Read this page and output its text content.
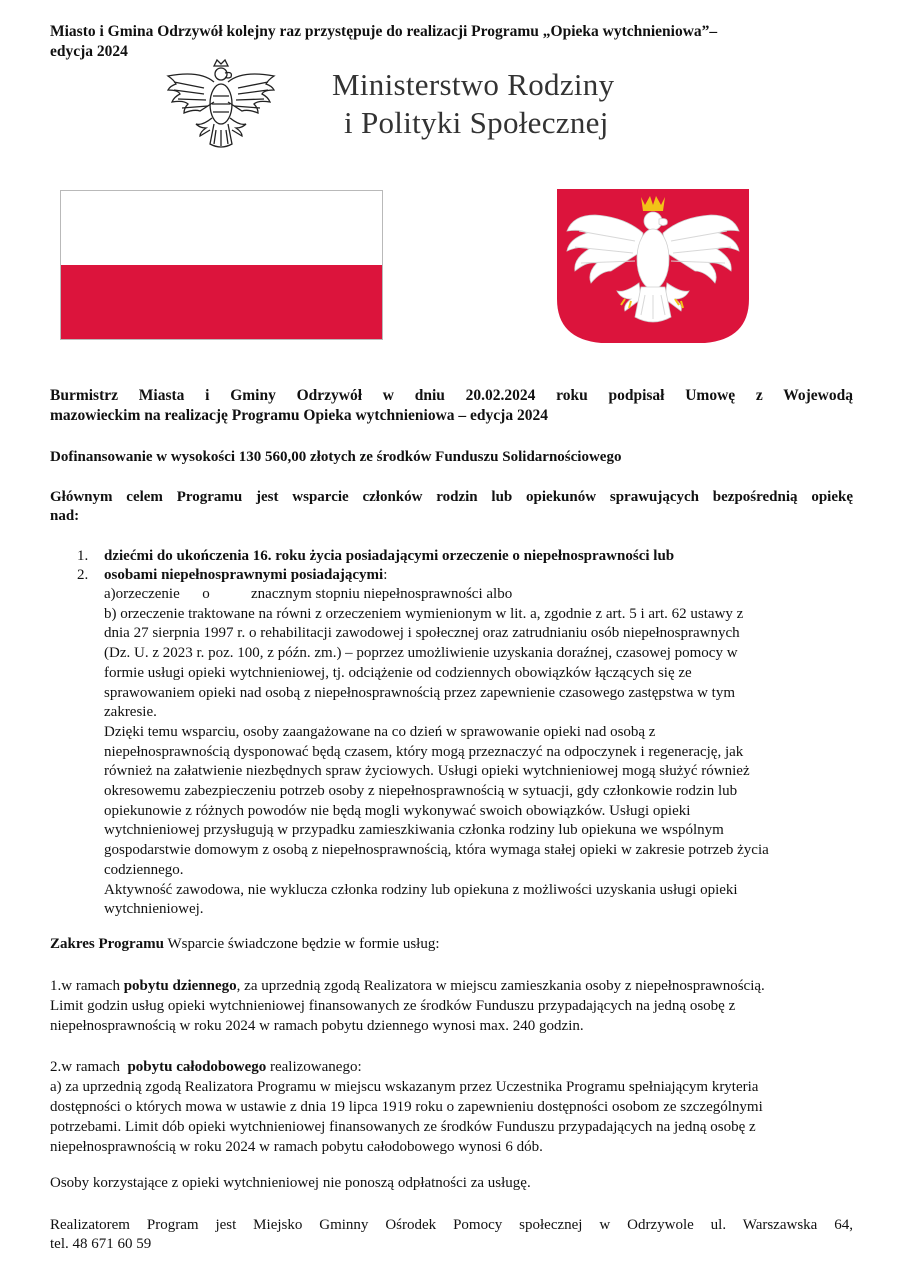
Miasto i Gmina Odrzywół kolejny raz przystępuje do realizacji Programu „Opieka wytchnieniowa”–
edycja 2024
Ministerstwo Rodziny
i Polityki Społecznej
Burmistrz Miasta i Gminy Odrzywół w dniu 20.02.2024 roku podpisał Umowę z Wojewodą
mazowieckim na realizację Programu Opieka wytchnieniowa – edycja 2024
Dofinansowanie w wysokości 130 560,00 złotych ze środków Funduszu Solidarnościowego
Głównym celem Programu jest wsparcie członków rodzin lub opiekunów sprawujących bezpośrednią opiekę
nad:
1. dziećmi do ukończenia 16. roku życia posiadającymi orzeczenie o niepełnosprawności lub
2. osobami niepełnosprawnymi posiadającymi:
a)orzeczenie      o           znacznym stopniu niepełnosprawności albo
b) orzeczenie traktowane na równi z orzeczeniem wymienionym w lit. a, zgodnie z art. 5 i art. 62 ustawy z
dnia 27 sierpnia 1997 r. o rehabilitacji zawodowej i społecznej oraz zatrudnianiu osób niepełnosprawnych
(Dz. U. z 2023 r. poz. 100, z późn. zm.) – poprzez umożliwienie uzyskania doraźnej, czasowej pomocy w
formie usługi opieki wytchnieniowej, tj. odciążenie od codziennych obowiązków łączących się ze
sprawowaniem opieki nad osobą z niepełnosprawnością przez zapewnienie czasowego zastępstwa w tym
zakresie.
Dzięki temu wsparciu, osoby zaangażowane na co dzień w sprawowanie opieki nad osobą z
niepełnosprawnością dysponować będą czasem, który mogą przeznaczyć na odpoczynek i regenerację, jak
również na załatwienie niezbędnych spraw życiowych. Usługi opieki wytchnieniowej mogą służyć również
okresowemu zabezpieczeniu potrzeb osoby z niepełnosprawnością w sytuacji, gdy członkowie rodzin lub
opiekunowie z różnych powodów nie będą mogli wykonywać swoich obowiązków. Usługi opieki
wytchnieniowej przysługują w przypadku zamieszkiwania członka rodziny lub opiekuna we wspólnym
gospodarstwie domowym z osobą z niepełnosprawnością, która wymaga stałej opieki w zakresie potrzeb życia
codziennego.
Aktywność zawodowa, nie wyklucza członka rodziny lub opiekuna z możliwości uzyskania usługi opieki
wytchnieniowej.
Zakres Programu Wsparcie świadczone będzie w formie usług:
1.w ramach pobytu dziennego, za uprzednią zgodą Realizatora w miejscu zamieszkania osoby z niepełnosprawnością.
Limit godzin usług opieki wytchnieniowej finansowanych ze środków Funduszu przypadających na jedną osobę z
niepełnosprawnością w roku 2024 w ramach pobytu dziennego wynosi max. 240 godzin.
2.w ramach  pobytu całodobowego realizowanego:
a) za uprzednią zgodą Realizatora Programu w miejscu wskazanym przez Uczestnika Programu spełniającym kryteria
dostępności o których mowa w ustawie z dnia 19 lipca 1919 roku o zapewnieniu dostępności osobom ze szczególnymi
potrzebami. Limit dób opieki wytchnieniowej finansowanych ze środków Funduszu przypadających na jedną osobę z
niepełnosprawnością w roku 2024 w ramach pobytu całodobowego wynosi 6 dób.
Osoby korzystające z opieki wytchnieniowej nie ponoszą odpłatności za usługę.
Realizatorem Program jest Miejsko Gminny Ośrodek Pomocy społecznej w Odrzywole ul. Warszawska 64,
tel. 48 671 60 59
